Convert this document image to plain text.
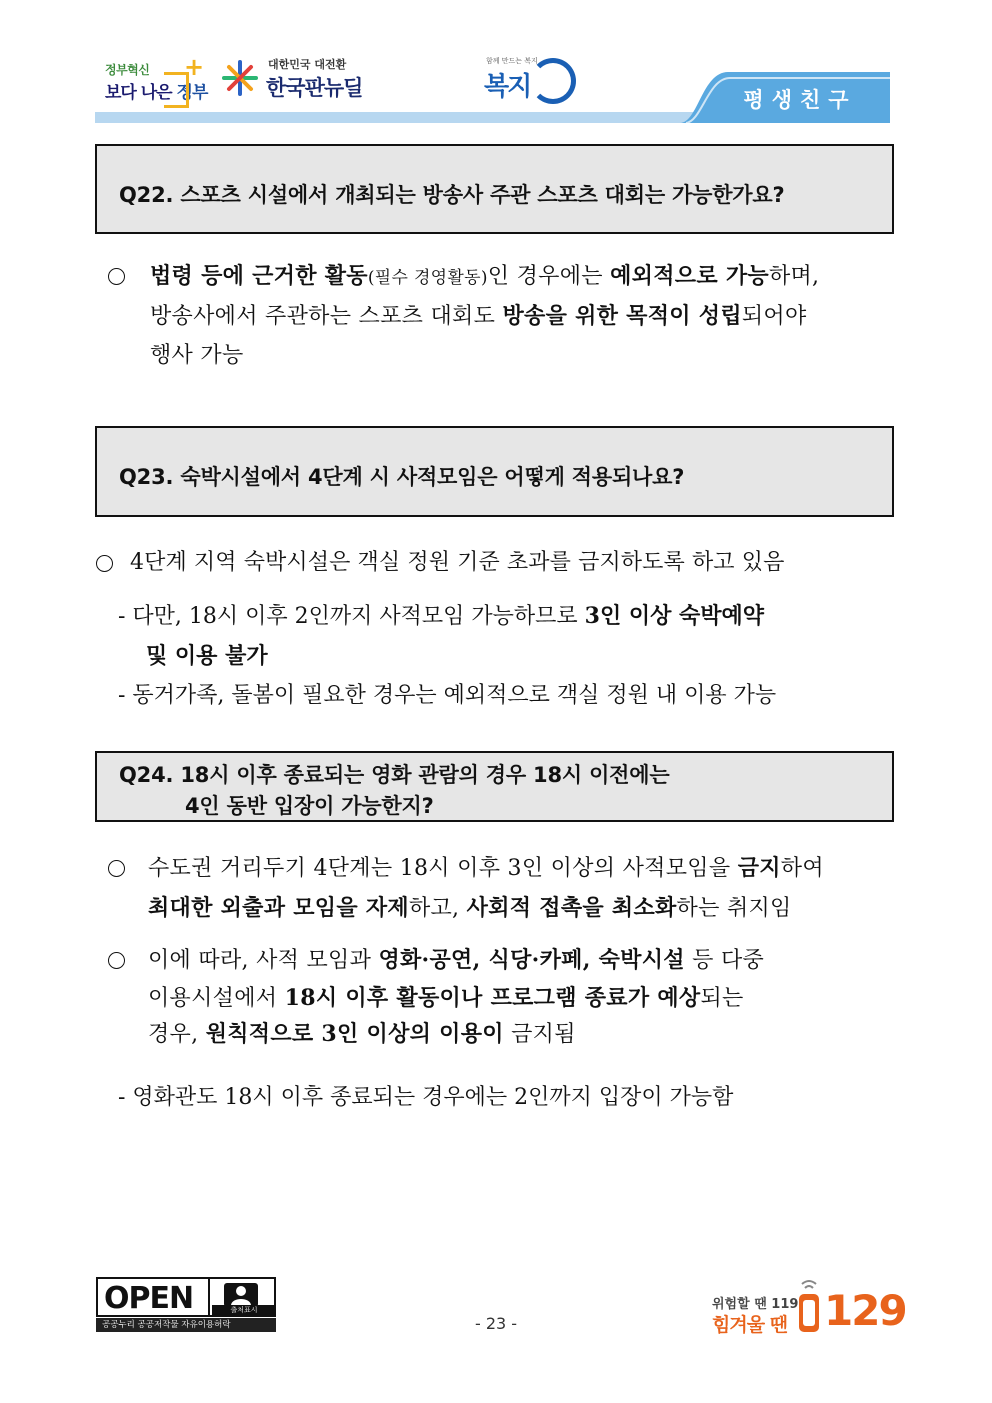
정부혁신
보다 나은 정부
+	대한민국 대전환
한국판뉴딜
함께 만드는 복지
복지	평생친구
Q22. 스포츠 시설에서 개최되는 방송사 주관 스포츠 대회는 가능한가요?
법령 등에 근거한 활동(필수 경영활동)인 경우에는 예외적으로 가능하며,
방송사에서 주관하는 스포츠 대회도 방송을 위한 목적이 성립되어야
행사 가능
Q23. 숙박시설에서 4단계 시 사적모임은 어떻게 적용되나요?
4단계 지역 숙박시설은 객실 정원 기준 초과를 금지하도록 하고 있음
- 다만, 18시 이후 2인까지 사적모임 가능하므로 3인 이상 숙박예약
및 이용 불가
- 동거가족, 돌봄이 필요한 경우는 예외적으로 객실 정원 내 이용 가능
Q24. 18시 이후 종료되는 영화 관람의 경우 18시 이전에는
4인 동반 입장이 가능한지?
수도권 거리두기 4단계는 18시 이후 3인 이상의 사적모임을 금지하여
최대한 외출과 모임을 자제하고, 사회적 접촉을 최소화하는 취지임
이에 따라, 사적 모임과 영화·공연, 식당·카페, 숙박시설 등 다중
이용시설에서 18시 이후 활동이나 프로그램 종료가 예상되는
경우, 원칙적으로 3인 이상의 이용이 금지됨
- 영화관도 18시 이후 종료되는 경우에는 2인까지 입장이 가능함
OPEN	출처표시
공공누리 공공저작물 자유이용허락	- 23 -
위험할 땐 119
힘겨울 땐 129
